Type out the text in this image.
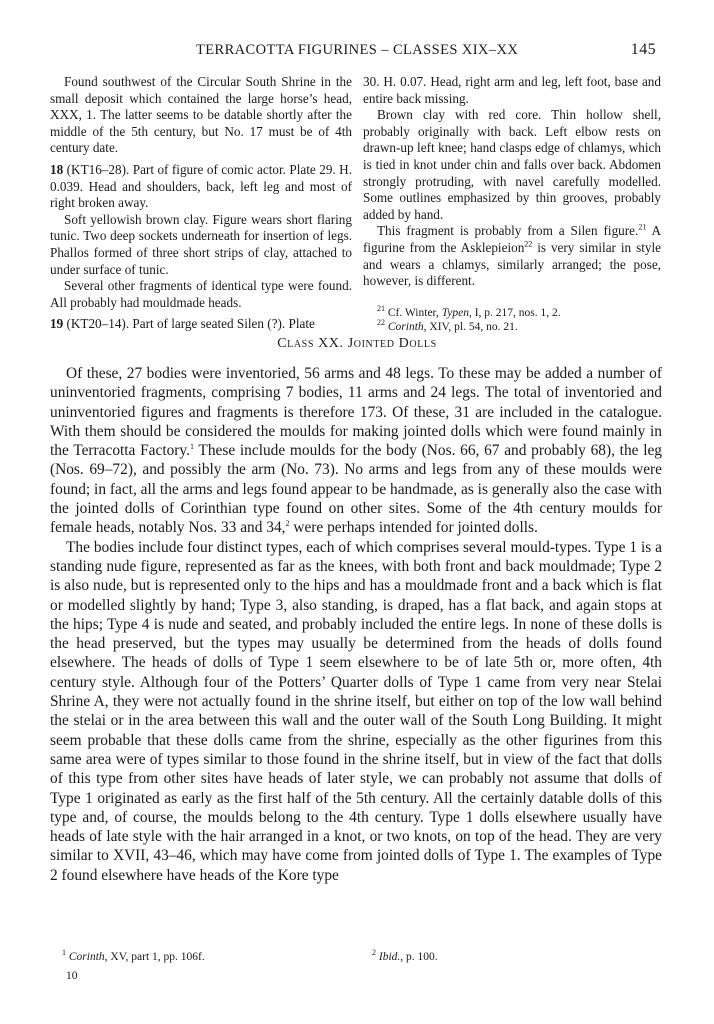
TERRACOTTA FIGURINES – CLASSES XIX–XX	145

Found southwest of the Circular South Shrine in the small deposit which contained the large horse’s head, XXX, 1. The latter seems to be datable shortly after the middle of the 5th century, but No. 17 must be of 4th century date.

18 (KT16–28). Part of figure of comic actor. Plate 29. H. 0.039. Head and shoulders, back, left leg and most of right broken away.

Soft yellowish brown clay. Figure wears short flaring tunic. Two deep sockets underneath for insertion of legs. Phallos formed of three short strips of clay, attached to under surface of tunic.

Several other fragments of identical type were found. All probably had mouldmade heads.

19 (KT20–14). Part of large seated Silen (?). Plate

30. H. 0.07. Head, right arm and leg, left foot, base and entire back missing.

Brown clay with red core. Thin hollow shell, probably originally with back. Left elbow rests on drawn-up left knee; hand clasps edge of chlamys, which is tied in knot under chin and falls over back. Abdomen strongly protruding, with navel carefully modelled. Some outlines emphasized by thin grooves, probably added by hand.

This fragment is probably from a Silen figure.$^{21}$ A figurine from the Asklepieion$^{22}$ is very similar in style and wears a chlamys, similarly arranged; the pose, however, is different.

$^{21}$ Cf. Winter, Typen, I, p. 217, nos. 1, 2.
$^{22}$ Corinth, XIV, pl. 54, no. 21.
Class XX. Jointed Dolls

Of these, 27 bodies were inventoried, 56 arms and 48 legs. To these may be added a number of uninventoried fragments, comprising 7 bodies, 11 arms and 24 legs. The total of inventoried and uninventoried figures and fragments is therefore 173. Of these, 31 are included in the catalogue. With them should be considered the moulds for making jointed dolls which were found mainly in the Terracotta Factory.$^1$ These include moulds for the body (Nos. 66, 67 and probably 68), the leg (Nos. 69–72), and possibly the arm (No. 73). No arms and legs from any of these moulds were found; in fact, all the arms and legs found appear to be handmade, as is generally also the case with the jointed dolls of Corinthian type found on other sites. Some of the 4th century moulds for female heads, notably Nos. 33 and 34,$^2$ were perhaps intended for jointed dolls.

The bodies include four distinct types, each of which comprises several mould-types. Type 1 is a standing nude figure, represented as far as the knees, with both front and back mouldmade; Type 2 is also nude, but is represented only to the hips and has a mouldmade front and a back which is flat or modelled slightly by hand; Type 3, also standing, is draped, has a flat back, and again stops at the hips; Type 4 is nude and seated, and probably included the entire legs. In none of these dolls is the head preserved, but the types may usually be determined from the heads of dolls found elsewhere. The heads of dolls of Type 1 seem elsewhere to be of late 5th or, more often, 4th century style. Although four of the Potters’ Quarter dolls of Type 1 came from very near Stelai Shrine A, they were not actually found in the shrine itself, but either on top of the low wall behind the stelai or in the area between this wall and the outer wall of the South Long Building. It might seem probable that these dolls came from the shrine, especially as the other figurines from this same area were of types similar to those found in the shrine itself, but in view of the fact that dolls of this type from other sites have heads of later style, we can probably not assume that dolls of Type 1 originated as early as the first half of the 5th century. All the certainly datable dolls of this type and, of course, the moulds belong to the 4th century. Type 1 dolls elsewhere usually have heads of late style with the hair arranged in a knot, or two knots, on top of the head. They are very similar to XVII, 43–46, which may have come from jointed dolls of Type 1. The examples of Type 2 found elsewhere have heads of the Kore type

$^1$ Corinth, XV, part 1, pp. 106f.	$^2$ Ibid., p. 100.
10
